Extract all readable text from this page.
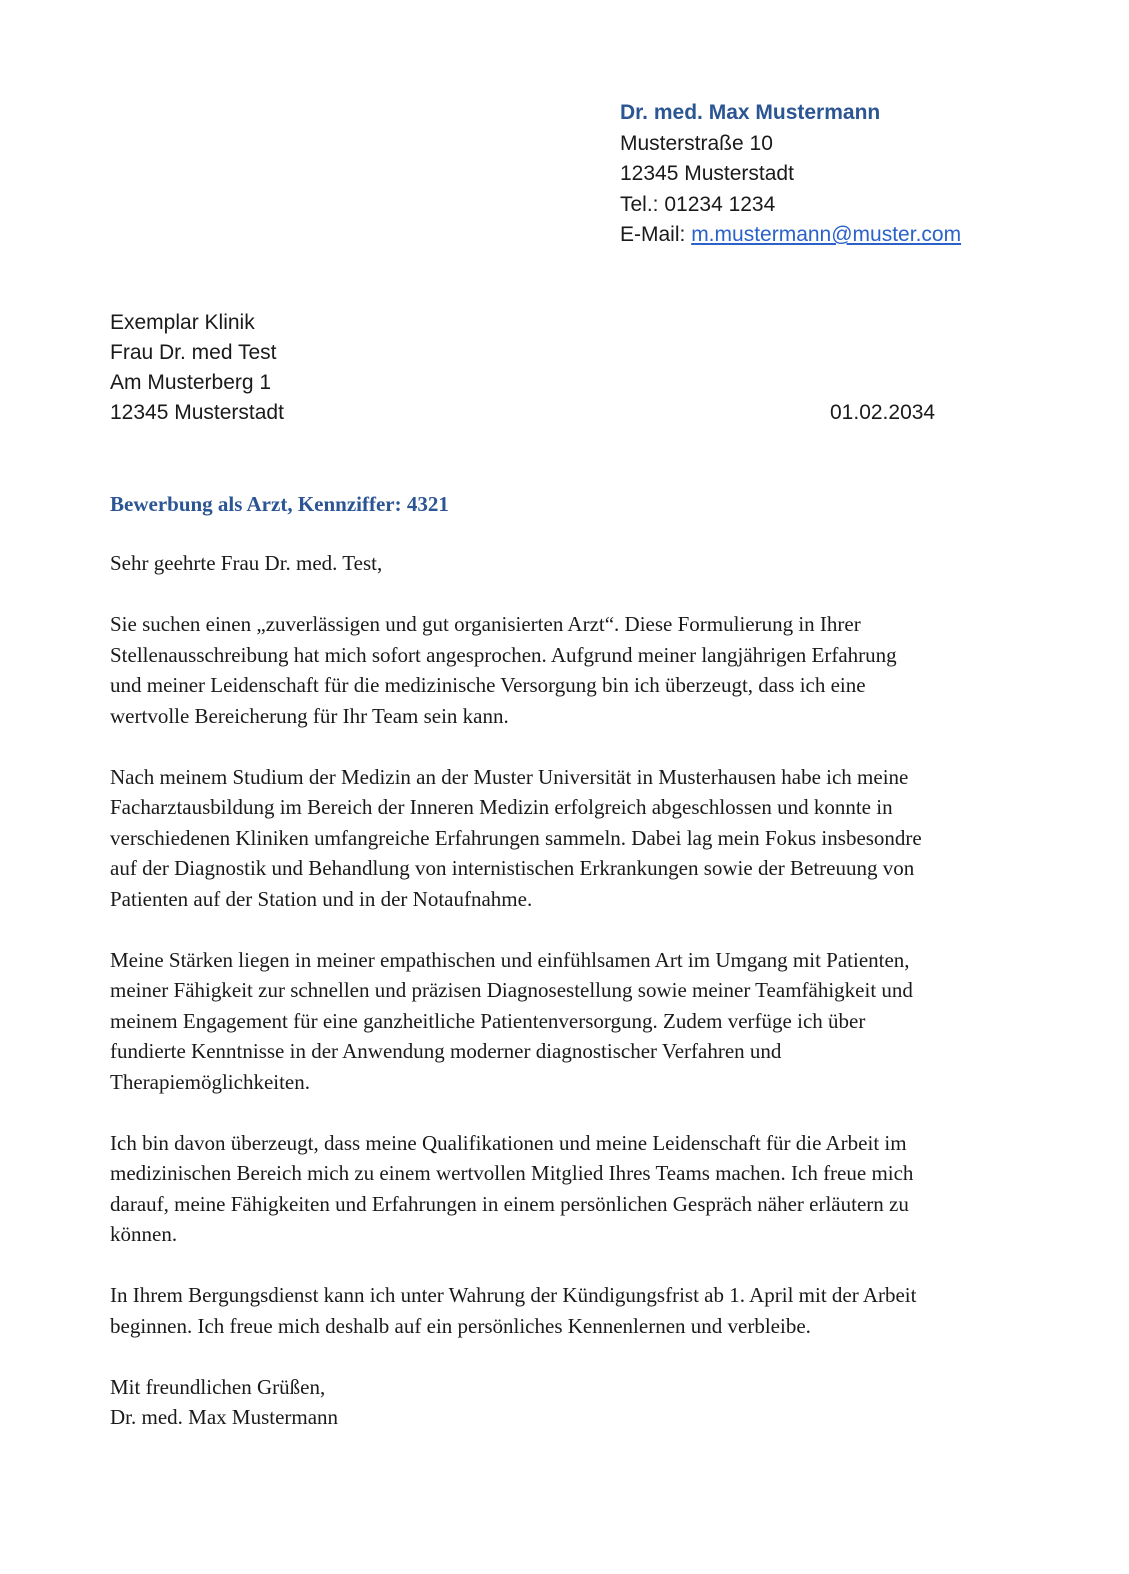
Dr. med. Max Mustermann
Musterstraße 10
12345 Musterstadt
Tel.: 01234 1234
E-Mail: m.mustermann@muster.com
Exemplar Klinik
Frau Dr. med Test
Am Musterberg 1
12345 Musterstadt	01.02.2034
Bewerbung als Arzt, Kennziffer: 4321

Sehr geehrte Frau Dr. med. Test,

Sie suchen einen „zuverlässigen und gut organisierten Arzt“. Diese Formulierung in Ihrer
Stellenausschreibung hat mich sofort angesprochen. Aufgrund meiner langjährigen Erfahrung
und meiner Leidenschaft für die medizinische Versorgung bin ich überzeugt, dass ich eine
wertvolle Bereicherung für Ihr Team sein kann.

Nach meinem Studium der Medizin an der Muster Universität in Musterhausen habe ich meine
Facharztausbildung im Bereich der Inneren Medizin erfolgreich abgeschlossen und konnte in
verschiedenen Kliniken umfangreiche Erfahrungen sammeln. Dabei lag mein Fokus insbesondre
auf der Diagnostik und Behandlung von internistischen Erkrankungen sowie der Betreuung von
Patienten auf der Station und in der Notaufnahme.

Meine Stärken liegen in meiner empathischen und einfühlsamen Art im Umgang mit Patienten,
meiner Fähigkeit zur schnellen und präzisen Diagnosestellung sowie meiner Teamfähigkeit und
meinem Engagement für eine ganzheitliche Patientenversorgung. Zudem verfüge ich über
fundierte Kenntnisse in der Anwendung moderner diagnostischer Verfahren und
Therapiemöglichkeiten.

Ich bin davon überzeugt, dass meine Qualifikationen und meine Leidenschaft für die Arbeit im
medizinischen Bereich mich zu einem wertvollen Mitglied Ihres Teams machen. Ich freue mich
darauf, meine Fähigkeiten und Erfahrungen in einem persönlichen Gespräch näher erläutern zu
können.

In Ihrem Bergungsdienst kann ich unter Wahrung der Kündigungsfrist ab 1. April mit der Arbeit
beginnen. Ich freue mich deshalb auf ein persönliches Kennenlernen und verbleibe.

Mit freundlichen Grüßen,
Dr. med. Max Mustermann
